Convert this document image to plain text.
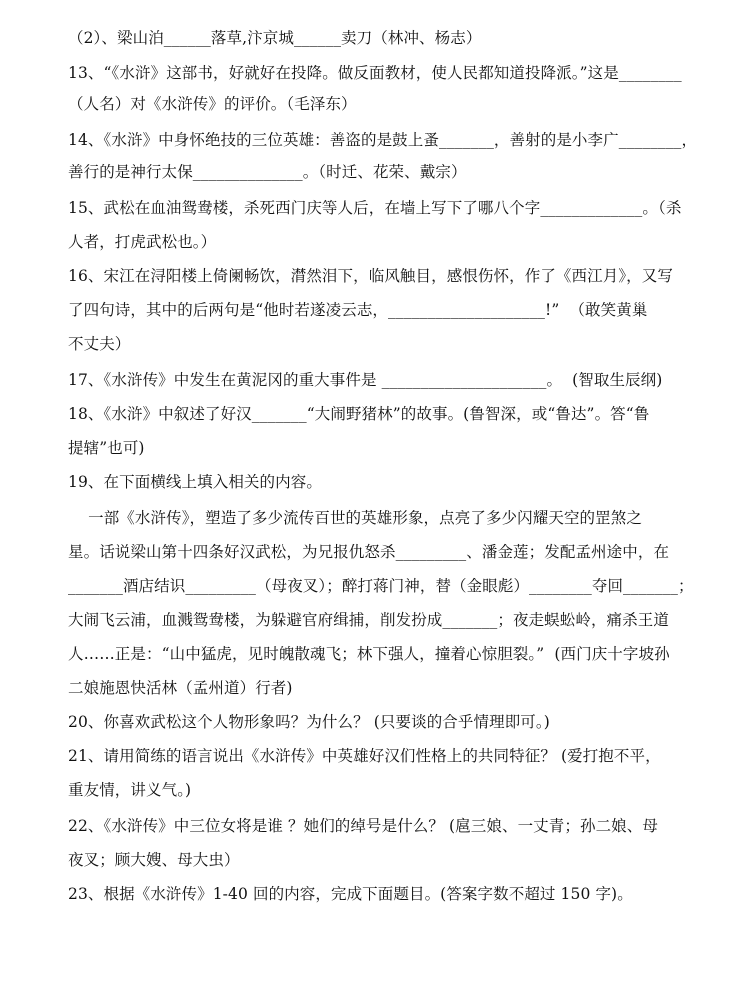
（2）、梁山泊______落草,汴京城______卖刀（林冲、杨志）
13、“《水浒》这部书，好就好在投降。做反面教材，使人民都知道投降派。”这是________
（人名）对《水浒传》的评价。（毛泽东）
14、《水浒》中身怀绝技的三位英雄：善盗的是鼓上蚤_______，善射的是小李广________，
善行的是神行太保______________。（时迁、花荣、戴宗）
15、武松在血油鸳鸯楼，杀死西门庆等人后，在墙上写下了哪八个字_____________。（杀
人者，打虎武松也。）
16、宋江在浔阳楼上倚阑畅饮，潸然泪下，临风触目，感恨伤怀，作了《西江月》，又写
了四句诗，其中的后两句是“他时若遂凌云志，____________________!”  （敢笑黄巢
不丈夫）
17、《水浒传》中发生在黄泥冈的重大事件是 _____________________。  (智取生辰纲)
18、《水浒》中叙述了好汉_______“大闹野猪林”的故事。(鲁智深，或“鲁达”。答“鲁
提辖”也可)
19、在下面横线上填入相关的内容。
一部《水浒传》，塑造了多少流传百世的英雄形象，点亮了多少闪耀天空的罡煞之
星。话说梁山第十四条好汉武松，为兄报仇怒杀_________、潘金莲；发配孟州途中，在
_______酒店结识_________（母夜叉）；醉打蒋门神，替（金眼彪）________夺回_______；
大闹飞云浦，血溅鸳鸯楼，为躲避官府缉捕，削发扮成_______；夜走蜈蚣岭，痛杀王道
人……正是：“山中猛虎，见时魄散魂飞；林下强人，撞着心惊胆裂。”  (西门庆十字坡孙
二娘施恩快活林（孟州道）行者)
20、你喜欢武松这个人物形象吗？为什么？ (只要谈的合乎情理即可。)
21、请用简练的语言说出《水浒传》中英雄好汉们性格上的共同特征？ (爱打抱不平，
重友情，讲义气。)
22、《水浒传》中三位女将是谁 ？她们的绰号是什么？ (扈三娘、一丈青；孙二娘、母
夜叉；顾大嫂、母大虫）
23、根据《水浒传》1-40 回的内容，完成下面题目。(答案字数不超过 150 字)。
